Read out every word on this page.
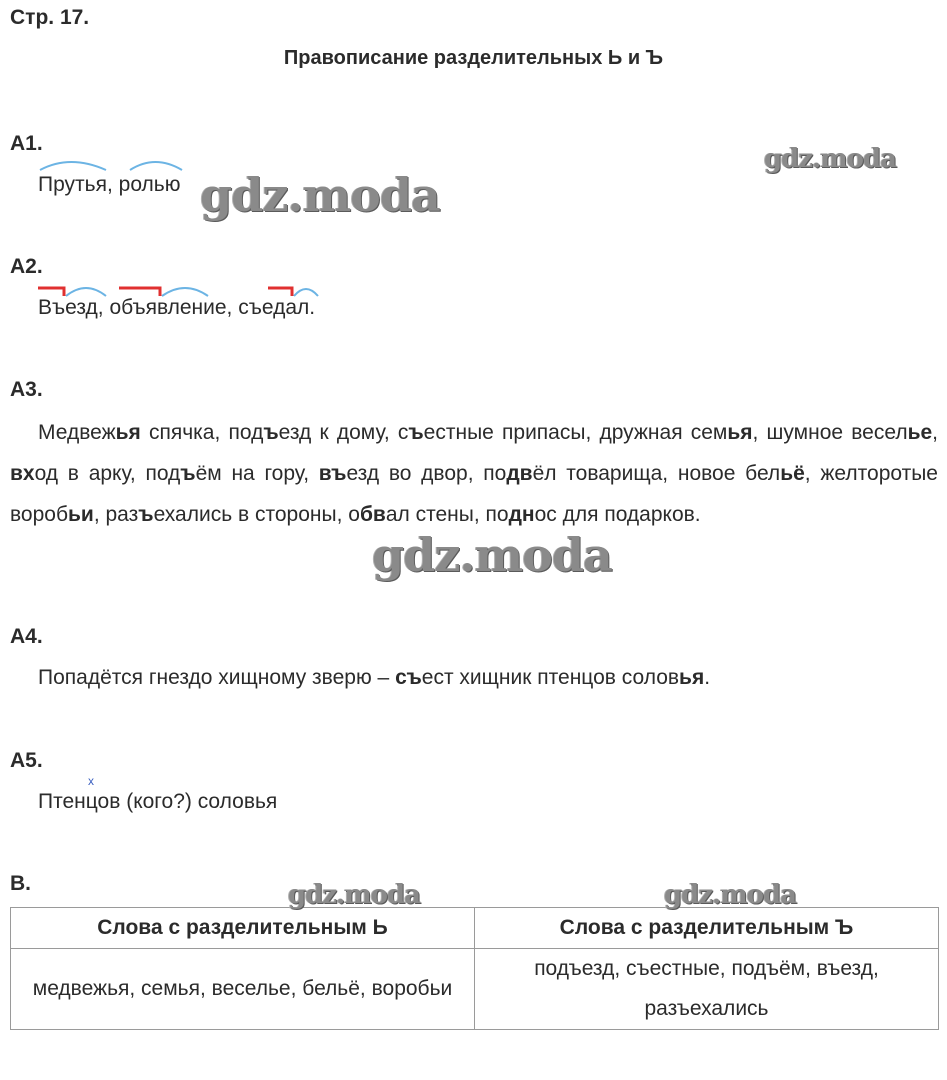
Стр. 17.
Правописание разделительных Ь и Ъ
A1.
Прутья, ролью
A2.
Въезд, объявление, съедал.
A3.
Медвежья спячка, подъезд к дому, съестные припасы, дружная семья, шумное веселье, вход в арку, подъём на гору, въезд во двор, подвёл товарища, новое бельё, желторотые воробьи, разъехались в стороны, обвал стены, поднос для подарков.
A4.
Попадётся гнездо хищному зверю – съест хищник птенцов соловья.
A5.
x
Птенцов (кого?) соловья
B.
Слова с разделительным Ь	Слова с разделительным Ъ
медвежья, семья, веселье, бельё, воробьи	подъезд, съестные, подъём, въезд, разъехались
gdz.moda
gdz.moda
gdz.moda
gdz.moda	gdz.moda
